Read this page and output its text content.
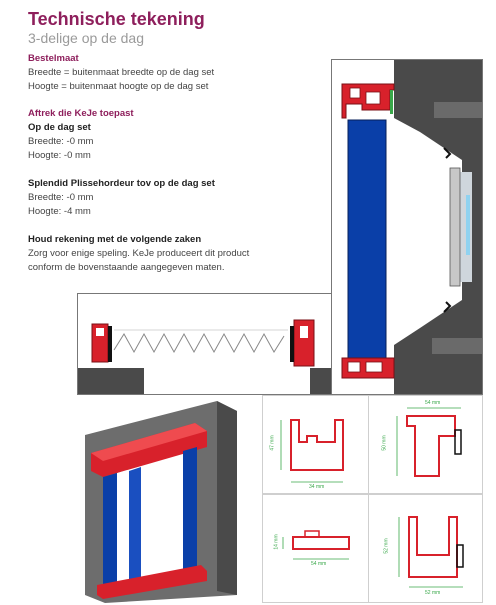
Technische tekening
3-delige op de dag
Bestelmaat
Breedte = buitenmaat breedte op de dag set
Hoogte = buitenmaat hoogte op de dag set
Aftrek die KeJe toepast
Op de dag set
Breedte: -0 mm
Hoogte: -0 mm
Splendid Plissehordeur tov op de dag set
Breedte: -0 mm
Hoogte: -4 mm
Houd rekening met de volgende zaken
Zorg voor enige speling. KeJe produceert dit product
conform de bovenstaande aangegeven maten.
47 mm
34 mm
50 mm
54 mm
14 mm
54 mm
52 mm
52 mm
